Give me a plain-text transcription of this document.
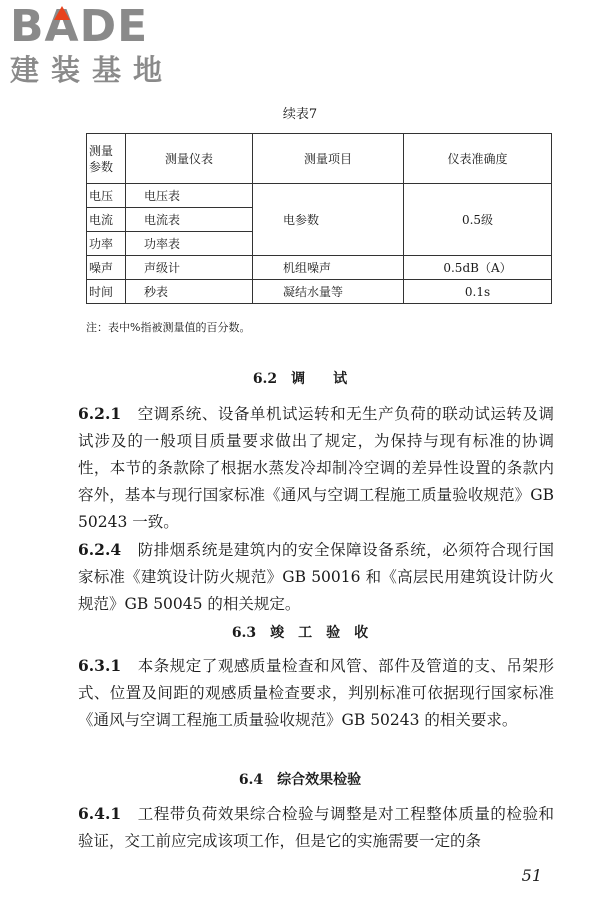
B A DE
建装基地
续表7
测量参数	测量仪表	测量项目	仪表准确度
电压	电压表	电参数	0.5级
电流	电流表		
功率	功率表		
噪声	声级计	机组噪声	0.5dB（A）
时间	秒表	凝结水量等	0.1s
注：表中%指被测量值的百分数。
6.2　调　　试

6.2.1　 空调系统、设备单机试运转和无生产负荷的联动试运转及调试涉及的一般项目质量要求做出了规定，为保持与现有标准的协调性，本节的条款除了根据水蒸发冷却制冷空调的差异性设置的条款内容外，基本与现行国家标准《通风与空调工程施工质量验收规范》GB 50243 一致。

6.2.4　 防排烟系统是建筑内的安全保障设备系统，必须符合现行国家标准《建筑设计防火规范》GB 50016 和《高层民用建筑设计防火规范》GB 50045 的相关规定。

6.3　竣　工　验　收

6.3.1　 本条规定了观感质量检查和风管、部件及管道的支、吊架形式、位置及间距的观感质量检查要求，判别标准可依据现行国家标准《通风与空调工程施工质量验收规范》GB 50243 的相关要求。

6.4　综合效果检验

6.4.1　 工程带负荷效果综合检验与调整是对工程整体质量的检验和验证，交工前应完成该项工作，但是它的实施需要一定的条

51
